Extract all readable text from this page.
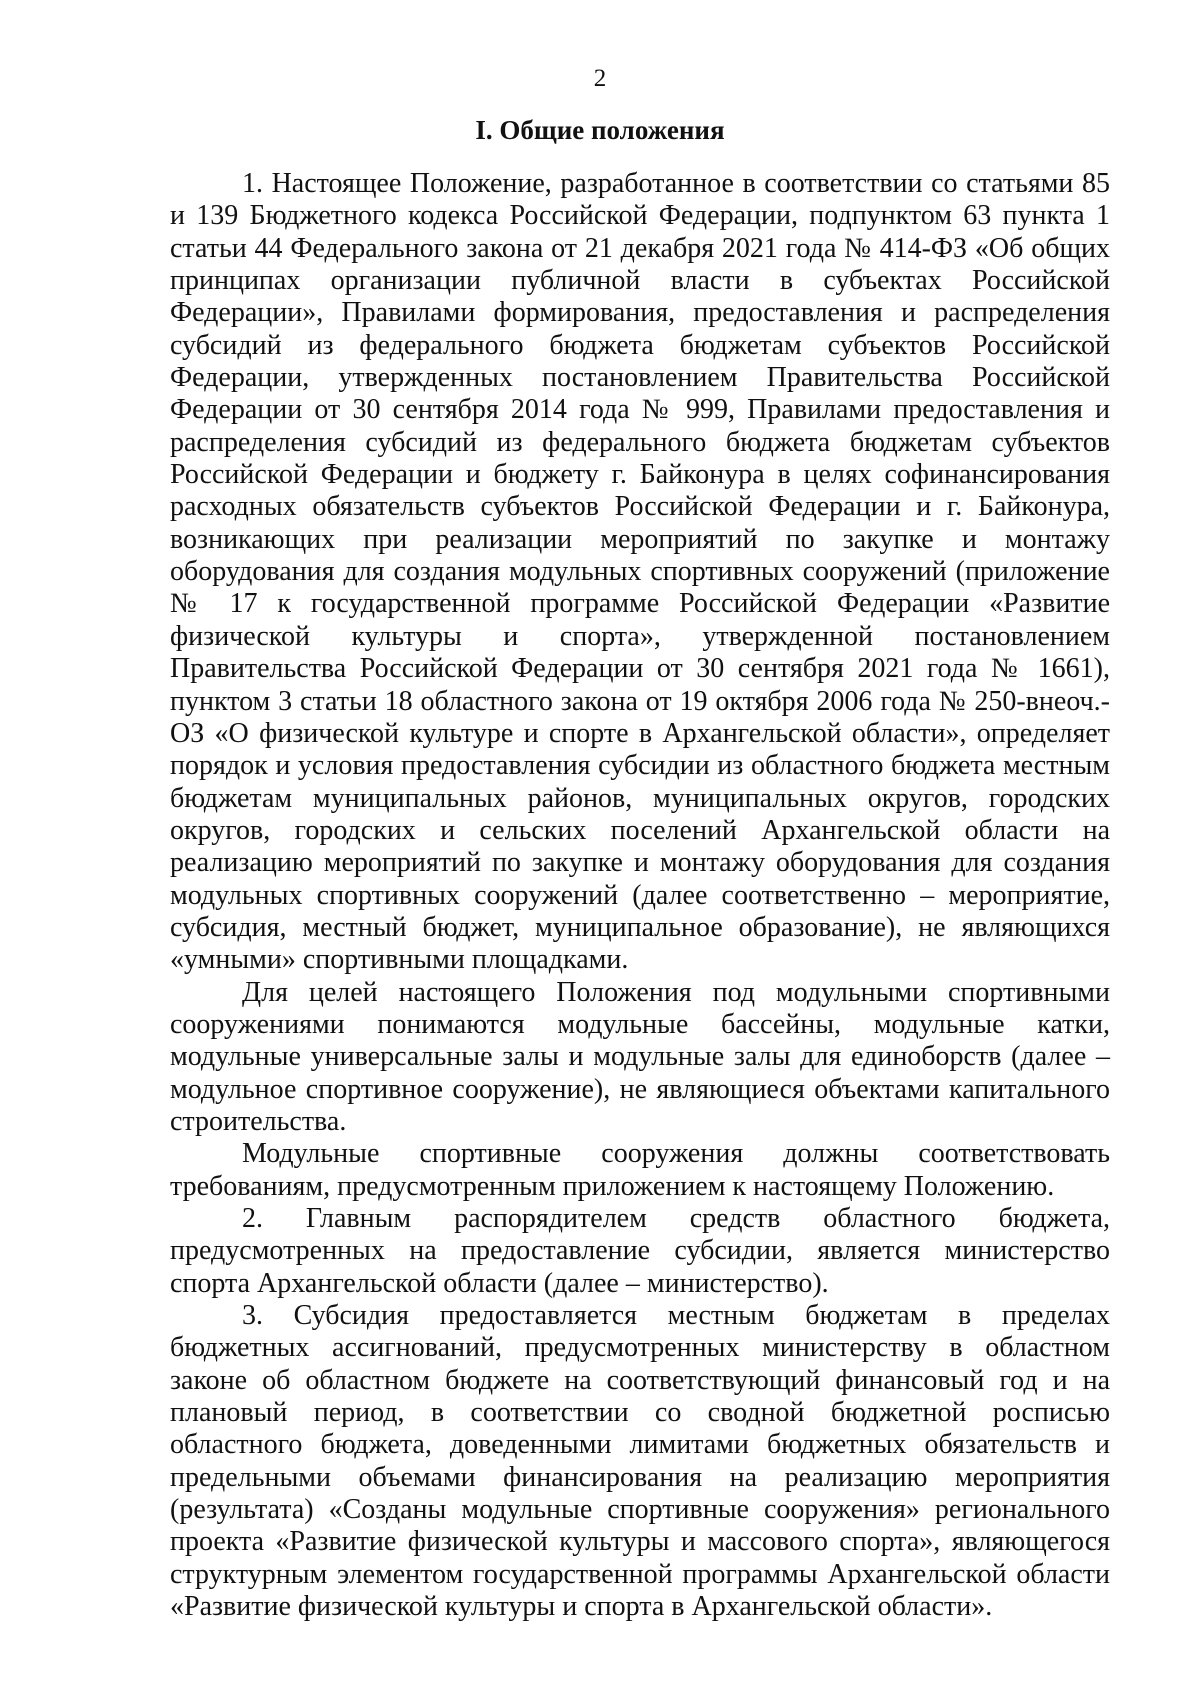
2
I. Общие положения

1. Настоящее Положение, разработанное в соответствии со статьями 85 и 139 Бюджетного кодекса Российской Федерации, подпунктом 63 пункта 1 статьи 44 Федерального закона от 21 декабря 2021 года № 414-ФЗ «Об общих принципах организации публичной власти в субъектах Российской Федерации», Правилами формирования, предоставления и распределения субсидий из федерального бюджета бюджетам субъектов Российской Федерации, утвержденных постановлением Правительства Российской Федерации от 30 сентября 2014 года № 999, Правилами предоставления и распределения субсидий из федерального бюджета бюджетам субъектов Российской Федерации и бюджету г. Байконура в целях софинансирования расходных обязательств субъектов Российской Федерации и г. Байконура, возникающих при реализации мероприятий по закупке и монтажу оборудования для создания модульных спортивных сооружений (приложение № 17 к государственной программе Российской Федерации «Развитие физической культуры и спорта», утвержденной постановлением Правительства Российской Федерации от 30 сентября 2021 года № 1661), пунктом 3 статьи 18 областного закона от 19 октября 2006 года № 250-внеоч.-ОЗ «О физической культуре и спорте в Архангельской области», определяет порядок и условия предоставления субсидии из областного бюджета местным бюджетам муниципальных районов, муниципальных округов, городских округов, городских и сельских поселений Архангельской области на реализацию мероприятий по закупке и монтажу оборудования для создания модульных спортивных сооружений (далее соответственно – мероприятие, субсидия, местный бюджет, муниципальное образование), не являющихся «умными» спортивными площадками.

Для целей настоящего Положения под модульными спортивными сооружениями понимаются модульные бассейны, модульные катки, модульные универсальные залы и модульные залы для единоборств (далее – модульное спортивное сооружение), не являющиеся объектами капитального строительства.

Модульные спортивные сооружения должны соответствовать требованиям, предусмотренным приложением к настоящему Положению.

2. Главным распорядителем средств областного бюджета, предусмотренных на предоставление субсидии, является министерство спорта Архангельской области (далее – министерство).

3. Субсидия предоставляется местным бюджетам в пределах бюджетных ассигнований, предусмотренных министерству в областном законе об областном бюджете на соответствующий финансовый год и на плановый период, в соответствии со сводной бюджетной росписью областного бюджета, доведенными лимитами бюджетных обязательств и предельными объемами финансирования на реализацию мероприятия (результата) «Созданы модульные спортивные сооружения» регионального проекта «Развитие физической культуры и массового спорта», являющегося структурным элементом государственной программы Архангельской области «Развитие физической культуры и спорта в Архангельской области».
